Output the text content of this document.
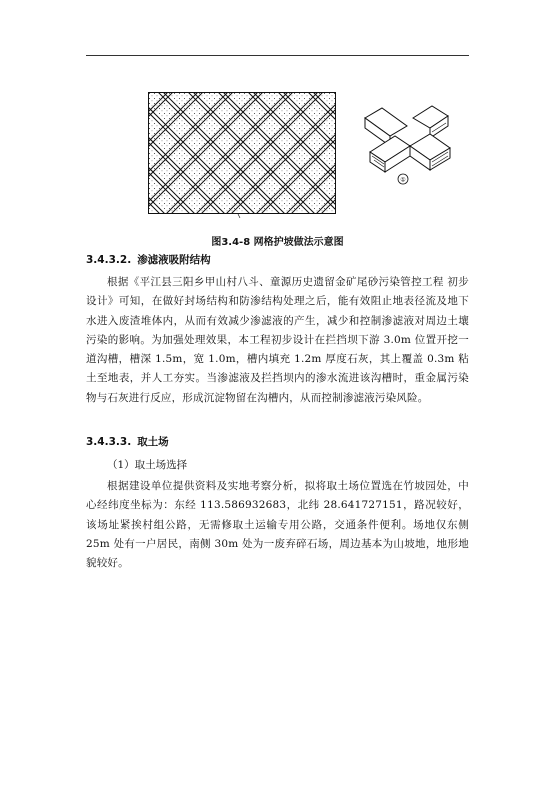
①
图3.4-8 网格护坡做法示意图
3.4.3.2. 渗滤液吸附结构
根据《平江县三阳乡甲山村八斗、童源历史遗留金矿尾砂污染管控工程 初步设计》可知，在做好封场结构和防渗结构处理之后，能有效阻止地表径流及地下水进入废渣堆体内，从而有效减少渗滤液的产生，减少和控制渗滤液对周边土壤污染的影响。为加强处理效果，本工程初步设计在拦挡坝下游 3.0m 位置开挖一道沟槽，槽深 1.5m，宽 1.0m，槽内填充 1.2m 厚度石灰，其上覆盖 0.3m 粘土至地表，并人工夯实。当渗滤液及拦挡坝内的渗水流进该沟槽时，重金属污染物与石灰进行反应，形成沉淀物留在沟槽内，从而控制渗滤液污染风险。
3.4.3.3. 取土场
（1）取土场选择
根据建设单位提供资料及实地考察分析，拟将取土场位置选在竹坡园处，中心经纬度坐标为：东经 113.586932683，北纬 28.641727151，路况较好，该场址紧挨村组公路，无需修取土运输专用公路，交通条件便利。场地仅东侧 25m 处有一户居民，南侧 30m 处为一废弃碎石场，周边基本为山坡地，地形地貌较好。
